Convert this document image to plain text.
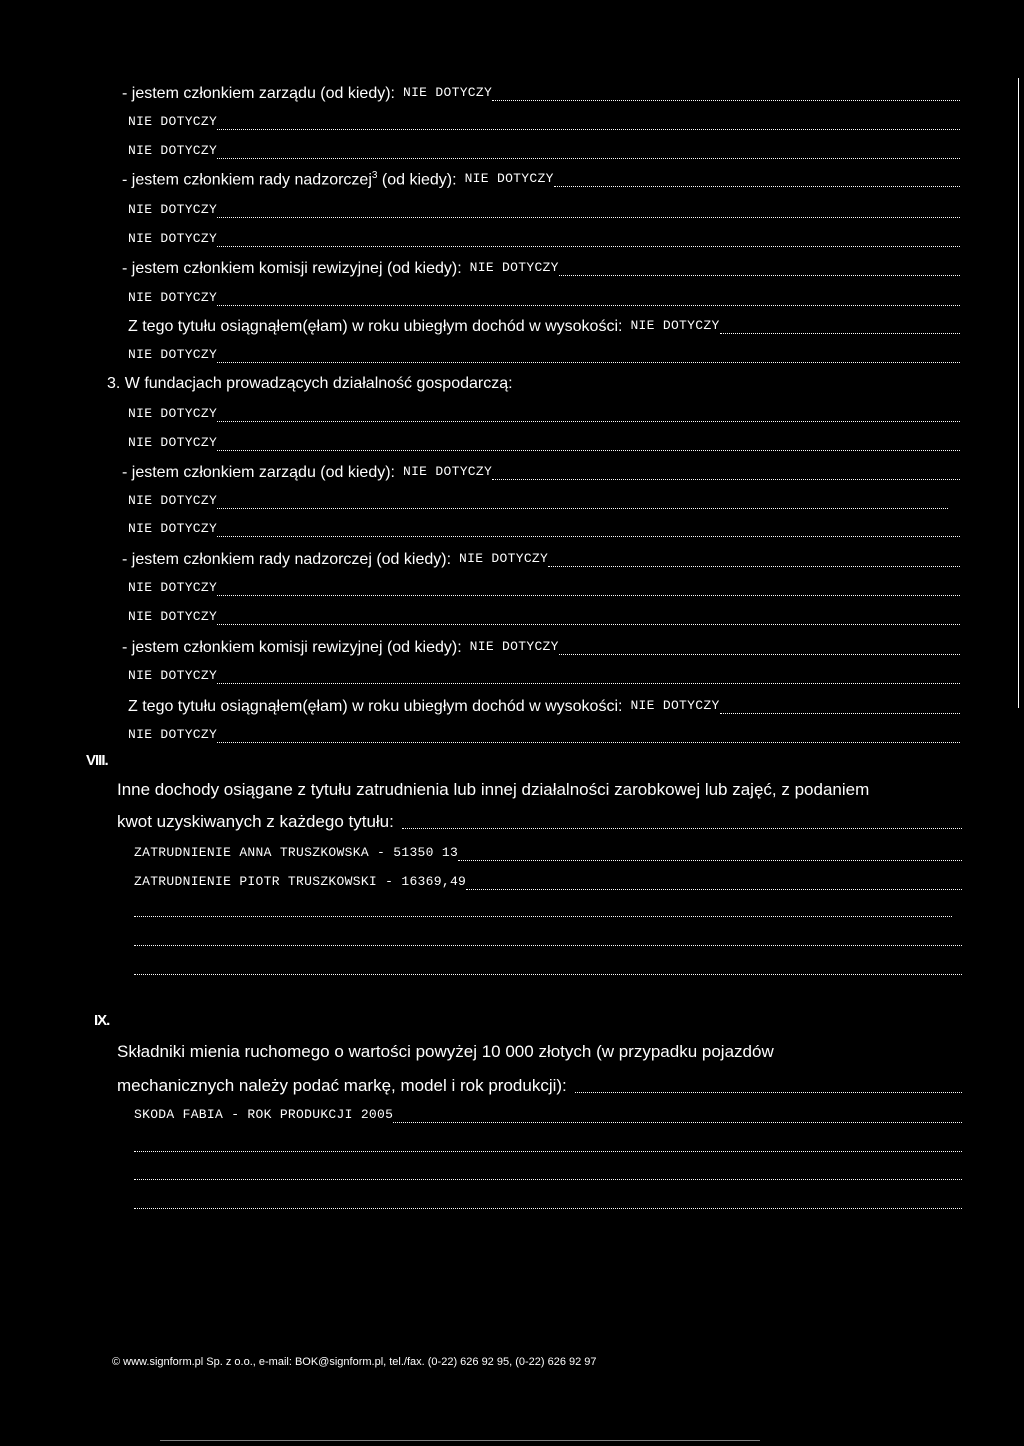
- jestem członkiem zarządu (od kiedy): NIE DOTYCZY
NIE DOTYCZY
NIE DOTYCZY
- jestem członkiem rady nadzorczej$^3$ (od kiedy): NIE DOTYCZY
NIE DOTYCZY
NIE DOTYCZY
- jestem członkiem komisji rewizyjnej (od kiedy): NIE DOTYCZY
NIE DOTYCZY
Z tego tytułu osiągnąłem(ęłam) w roku ubiegłym dochód w wysokości: NIE DOTYCZY
NIE DOTYCZY
3. W fundacjach prowadzących działalność gospodarczą:
NIE DOTYCZY
NIE DOTYCZY
- jestem członkiem zarządu (od kiedy): NIE DOTYCZY
NIE DOTYCZY
NIE DOTYCZY
- jestem członkiem rady nadzorczej (od kiedy): NIE DOTYCZY
NIE DOTYCZY
NIE DOTYCZY
- jestem członkiem komisji rewizyjnej (od kiedy): NIE DOTYCZY
NIE DOTYCZY
Z tego tytułu osiągnąłem(ęłam) w roku ubiegłym dochód w wysokości: NIE DOTYCZY
NIE DOTYCZY
VIII.
Inne dochody osiągane z tytułu zatrudnienia lub innej działalności zarobkowej lub zajęć, z podaniem
kwot uzyskiwanych z każdego tytułu:
ZATRUDNIENIE ANNA TRUSZKOWSKA - 51350 13
ZATRUDNIENIE PIOTR TRUSZKOWSKI - 16369,49
IX.
Składniki mienia ruchomego o wartości powyżej 10 000 złotych (w przypadku pojazdów
mechanicznych należy podać markę, model i rok produkcji):
SKODA FABIA - ROK PRODUKCJI 2005
© www.signform.pl Sp. z o.o., e-mail: BOK@signform.pl, tel./fax. (0-22) 626 92 95, (0-22) 626 92 97
